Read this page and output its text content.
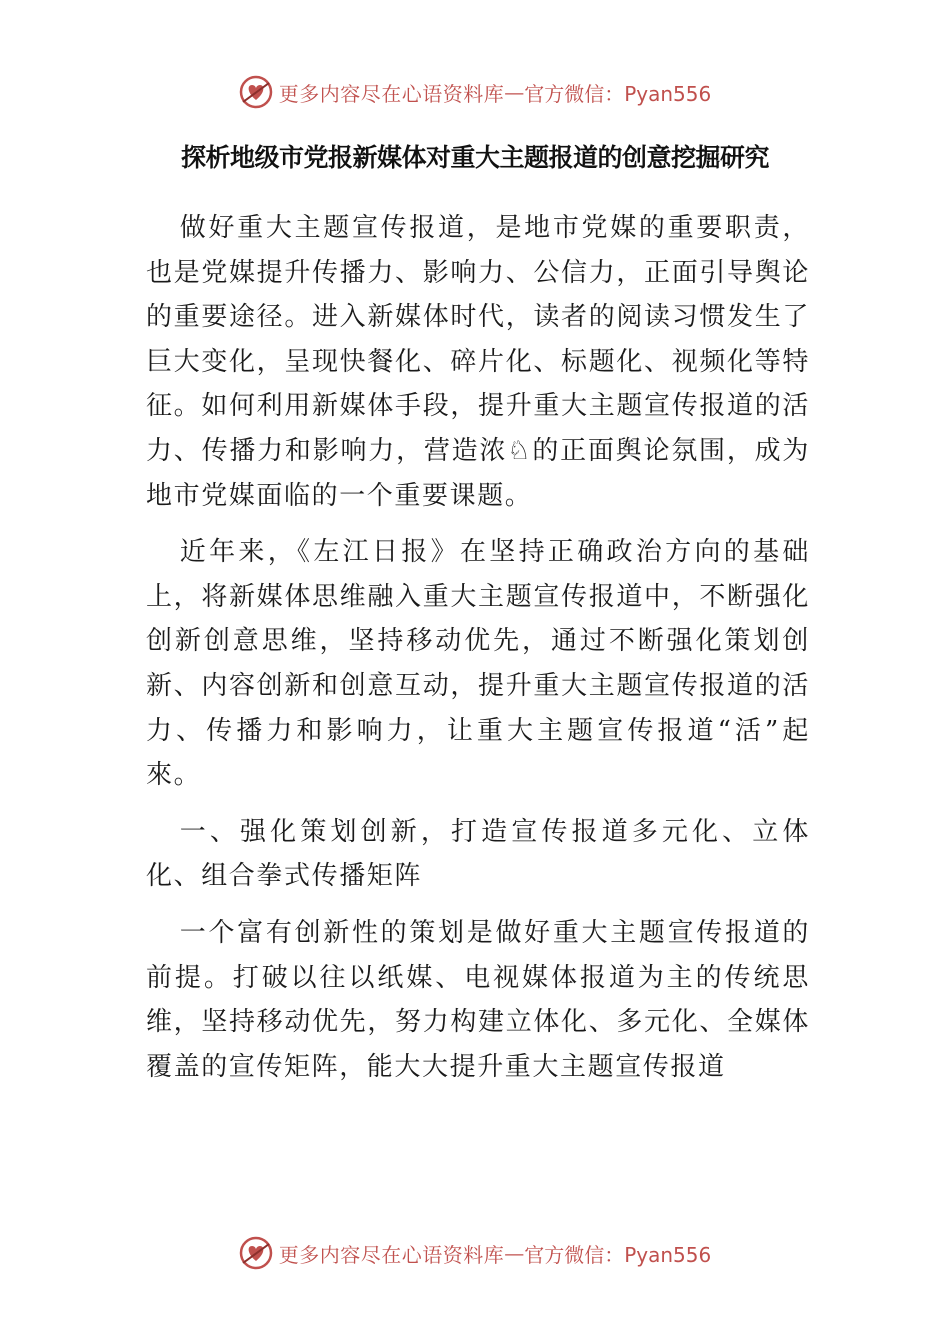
更多内容尽在心语资料库 — 官方微信：Pyan556
探析地级市党报新媒体对重大主题报道的创意挖掘研究

做好重大主题宣传报道，是地市党媒的重要职责，也是党媒提升传播力、影响力、公信力，正面引导舆论的重要途径。进入新媒体时代，读者的阅读习惯发生了巨大变化，呈现快餐化、碎片化、标题化、视频化等特征。如何利用新媒体手段，提升重大主题宣传报道的活力、传播力和影响力，营造浓♘的正面舆论氛围，成为地市党媒面临的一个重要课题。

近年来，《左江日报》在坚持正确政治方向的基础上，将新媒体思维融入重大主题宣传报道中，不断强化创新创意思维，坚持移动优先，通过不断强化策划创新、内容创新和创意互动，提升重大主题宣传报道的活力、传播力和影响力，让重大主题宣传报道“活”起來。

一、强化策划创新，打造宣传报道多元化、立体化、组合拳式传播矩阵

一个富有创新性的策划是做好重大主题宣传报道的前提。打破以往以纸媒、电视媒体报道为主的传统思维，坚持移动优先，努力构建立体化、多元化、全媒体覆盖的宣传矩阵，能大大提升重大主题宣传报道

更多内容尽在心语资料库 — 官方微信：Pyan556
